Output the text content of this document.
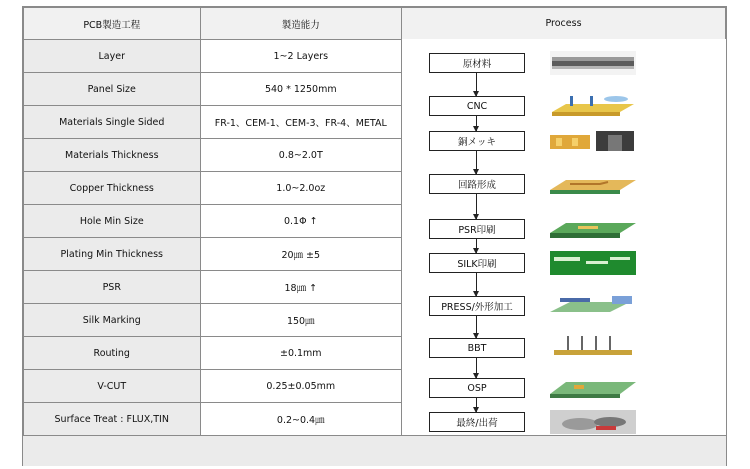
PCB製造工程	製造能力	Process
Layer	1~2 Layers	
Panel Size	540 * 1250mm	
Materials Single Sided	FR-1、CEM-1、CEM-3、FR-4、METAL	
Materials Thickness	0.8~2.0T	
Copper Thickness	1.0~2.0oz	
Hole Min Size	0.1Φ ↑	
Plating Min Thickness	20㎛ ±5	
PSR	18㎛ ↑	
Silk Marking	150㎛	
Routing	±0.1mm	
V-CUT	0.25±0.05mm	
Surface Treat : FLUX,TIN	0.2~0.4㎛	
原材料
CNC
銅メッキ
回路形成
PSR印刷
SILK印刷
PRESS/外形加工
BBT
OSP
最終/出荷
